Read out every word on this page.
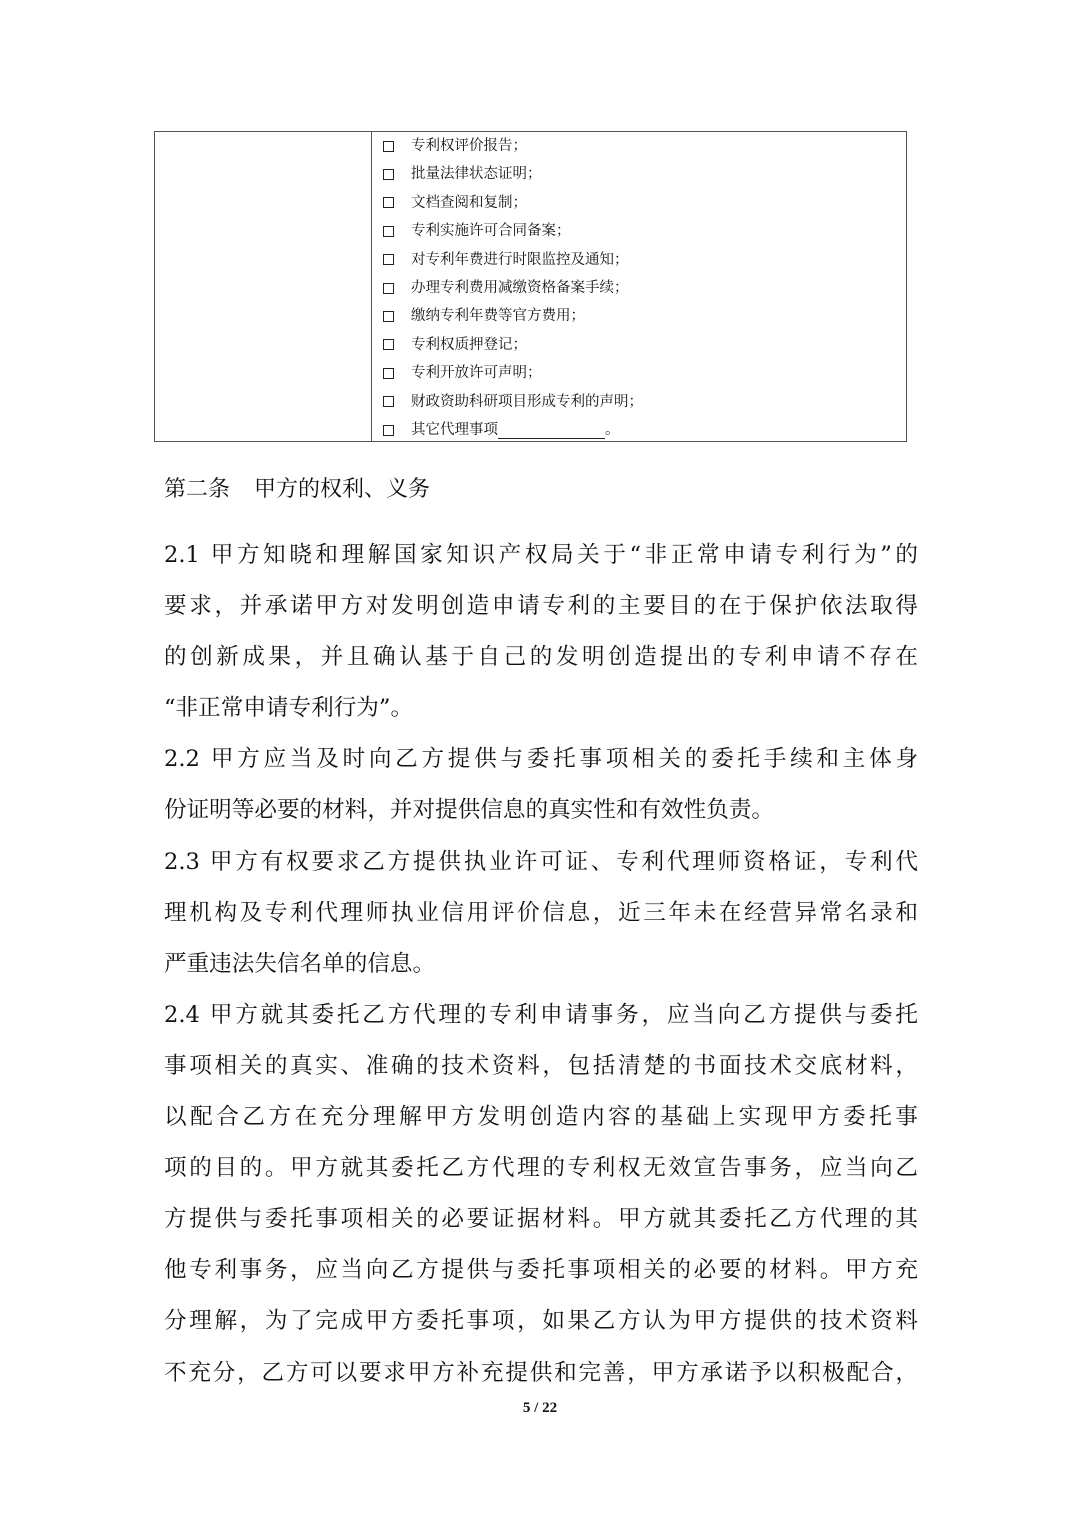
专利权评价报告；
批量法律状态证明；
文档查阅和复制；
专利实施许可合同备案；
对专利年费进行时限监控及通知；
办理专利费用减缴资格备案手续；
缴纳专利年费等官方费用；
专利权质押登记；
专利开放许可声明；
财政资助科研项目形成专利的声明；
其它代理事项	。
第二条 甲方的权利、义务
2.1 甲方知晓和理解国家知识产权局关于“非正常申请专利行为”的
要求，并承诺甲方对发明创造申请专利的主要目的在于保护依法取得
的创新成果，并且确认基于自己的发明创造提出的专利申请不存在
“非正常申请专利行为”。
2.2 甲方应当及时向乙方提供与委托事项相关的委托手续和主体身
份证明等必要的材料，并对提供信息的真实性和有效性负责。
2.3 甲方有权要求乙方提供执业许可证、专利代理师资格证，专利代
理机构及专利代理师执业信用评价信息，近三年未在经营异常名录和
严重违法失信名单的信息。
2.4 甲方就其委托乙方代理的专利申请事务，应当向乙方提供与委托
事项相关的真实、准确的技术资料，包括清楚的书面技术交底材料，
以配合乙方在充分理解甲方发明创造内容的基础上实现甲方委托事
项的目的。甲方就其委托乙方代理的专利权无效宣告事务，应当向乙
方提供与委托事项相关的必要证据材料。甲方就其委托乙方代理的其
他专利事务，应当向乙方提供与委托事项相关的必要的材料。甲方充
分理解，为了完成甲方委托事项，如果乙方认为甲方提供的技术资料
不充分，乙方可以要求甲方补充提供和完善，甲方承诺予以积极配合，
5 / 22
